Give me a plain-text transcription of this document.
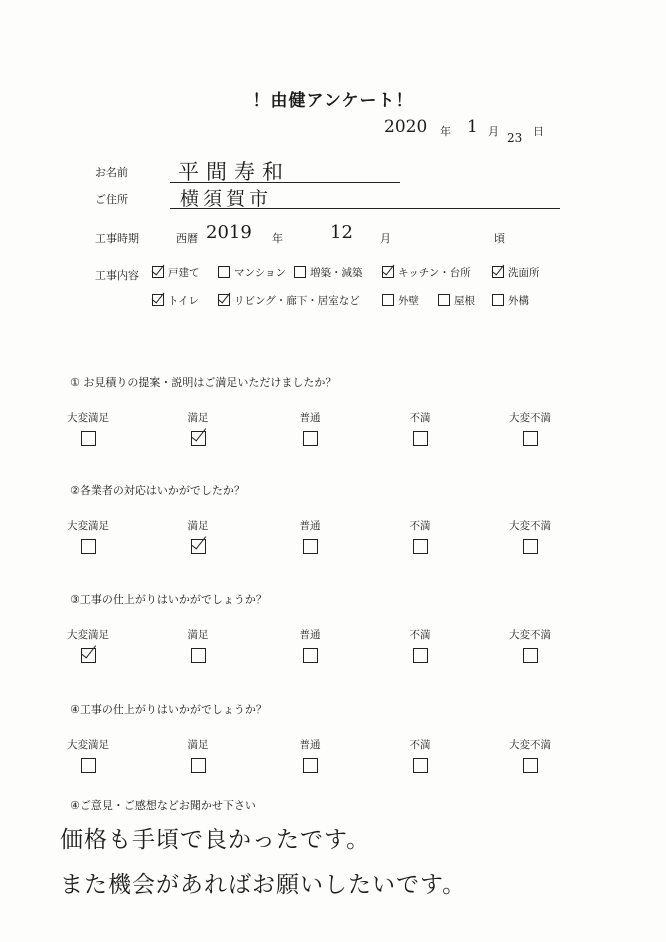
！由健アンケート！
2020 年 1 月 23 日
お名前 平間寿和
ご住所	横須賀市
工事時期	西暦 2019 年	12 月	頃
工事内容	戸建て	マンション 増築・減築	キッチン・台所	洗面所
トイレ	リビング・廊下・居室など	外壁	屋根	外構
① お見積りの提案・説明はご満足いただけましたか？
大変満足	満足	普通	不満	大変不満
②各業者の対応はいかがでしたか？
大変満足	満足	普通	不満	大変不満
③工事の仕上がりはいかがでしょうか？
大変満足	満足	普通	不満	大変不満
④工事の仕上がりはいかがでしょうか？
大変満足	満足	普通	不満	大変不満
④ご意見・ご感想などお聞かせ下さい
価格も手頃で良かったです。
また機会があればお願いしたいです。
